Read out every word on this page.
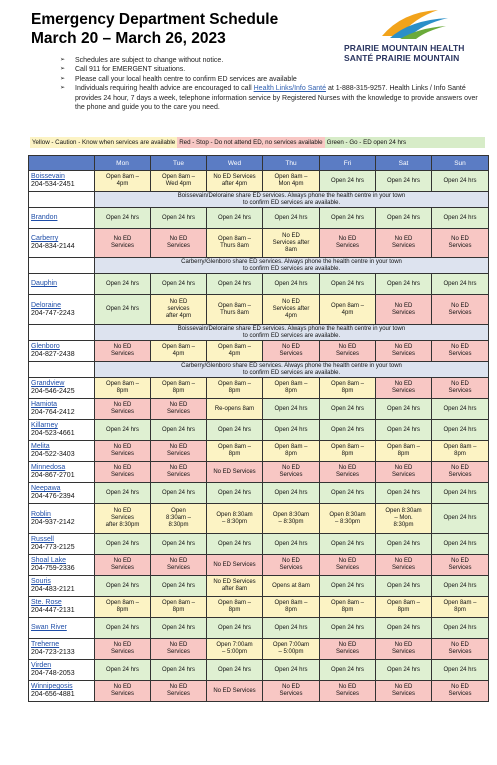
Emergency Department Schedule
March 20 – March 26, 2023
PRAIRIE MOUNTAIN HEALTH
SANTÉ PRAIRIE MOUNTAIN
➢ Schedules are subject to change without notice.
➢ Call 911 for EMERGENT situations.
➢ Please call your local health centre to confirm ED services are available
➢ Individuals requiring health advice are encouraged to call Health Links/Info Santé at 1-888-315-9257. Health Links / Info Santé provides 24 hour, 7 days a week, telephone information service by Registered Nurses with the knowledge to provide answers over the phone and guide you to the care you need.
Yellow - Caution - Know when services are available Red - Stop - Do not attend ED, no services available Green - Go - ED open 24 hrs
	Mon	Tue	Wed	Thu	Fri	Sat	Sun

Boissevain
204-534-2451	Open 8am –
4pm	Open 8am –
Wed 4pm	No ED Services
after 4pm	Open 8am –
Mon 4pm	Open 24 hrs	Open 24 hrs	Open 24 hrs
	Boissevain/Deloraine share ED services. Always phone the health centre in your town
to confirm ED services are available.						

Brandon	Open 24 hrs	Open 24 hrs	Open 24 hrs	Open 24 hrs	Open 24 hrs	Open 24 hrs	Open 24 hrs

Carberry
204-834-2144	No ED
Services	No ED
Services	Open 8am –
Thurs 8am	No ED
Services after
8am	No ED
Services	No ED
Services	No ED
Services
	Carberry/Glenboro share ED services. Always phone the health centre in your town
to confirm ED services are available.						

Dauphin	Open 24 hrs	Open 24 hrs	Open 24 hrs	Open 24 hrs	Open 24 hrs	Open 24 hrs	Open 24 hrs

Deloraine
204-747-2243	Open 24 hrs	No ED
services
after 4pm	Open 8am –
Thurs 8am	No ED
Services after
4pm	Open 8am –
4pm	No ED
Services	No ED
Services
	Boissevain/Deloraine share ED services. Always phone the health centre in your town
to confirm ED services are available.						

Glenboro
204-827-2438	No ED
Services	Open 8am –
4pm	Open 8am –
4pm	No ED
Services	No ED
Services	No ED
Services	No ED
Services
	Carberry/Glenboro share ED services. Always phone the health centre in your town
to confirm ED services are available.						

Grandview
204-546-2425	Open 8am –
8pm	Open 8am –
8pm	Open 8am –
8pm	Open 8am –
8pm	Open 8am –
8pm	No ED
Services	No ED
Services

Hamiota
204-764-2412	No ED
Services	No ED
Services	Re-opens 8am	Open 24 hrs	Open 24 hrs	Open 24 hrs	Open 24 hrs

Killarney
204-523-4661	Open 24 hrs	Open 24 hrs	Open 24 hrs	Open 24 hrs	Open 24 hrs	Open 24 hrs	Open 24 hrs

Melita
204-522-3403	No ED
Services	No ED
Services	Open 8am –
8pm	Open 8am –
8pm	Open 8am –
8pm	Open 8am –
8pm	Open 8am –
8pm

Minnedosa
204-867-2701	No ED
Services	No ED
Services	No ED Services	No ED
Services	No ED
Services	No ED
Services	No ED
Services

Neepawa
204-476-2394	Open 24 hrs	Open 24 hrs	Open 24 hrs	Open 24 hrs	Open 24 hrs	Open 24 hrs	Open 24 hrs

Roblin
204-937-2142	No ED
Services
after 8:30pm	Open
8:30am –
8:30pm	Open 8:30am
– 8:30pm	Open 8:30am
– 8:30pm	Open 8:30am
– 8:30pm	Open 8:30am
– Mon.
8:30pm	Open 24 hrs

Russell
204-773-2125	Open 24 hrs	Open 24 hrs	Open 24 hrs	Open 24 hrs	Open 24 hrs	Open 24 hrs	Open 24 hrs

Shoal Lake
204-759-2336	No ED
Services	No ED
Services	No ED Services	No ED
Services	No ED
Services	No ED
Services	No ED
Services

Souris
204-483-2121	Open 24 hrs	Open 24 hrs	No ED Services
after 8am	Opens at 8am	Open 24 hrs	Open 24 hrs	Open 24 hrs

Ste. Rose
204-447-2131	Open 8am –
8pm	Open 8am –
8pm	Open 8am –
8pm	Open 8am –
8pm	Open 8am –
8pm	Open 8am –
8pm	Open 8am –
8pm

Swan River	Open 24 hrs	Open 24 hrs	Open 24 hrs	Open 24 hrs	Open 24 hrs	Open 24 hrs	Open 24 hrs

Treherne
204-723-2133	No ED
Services	No ED
Services	Open 7:00am
– 5:00pm	Open 7:00am
– 5:00pm	No ED
Services	No ED
Services	No ED
Services

Virden
204-748-2053	Open 24 hrs	Open 24 hrs	Open 24 hrs	Open 24 hrs	Open 24 hrs	Open 24 hrs	Open 24 hrs

Winnipegosis
204-656-4881	No ED
Services	No ED
Services	No ED Services	No ED
Services	No ED
Services	No ED
Services	No ED
Services
